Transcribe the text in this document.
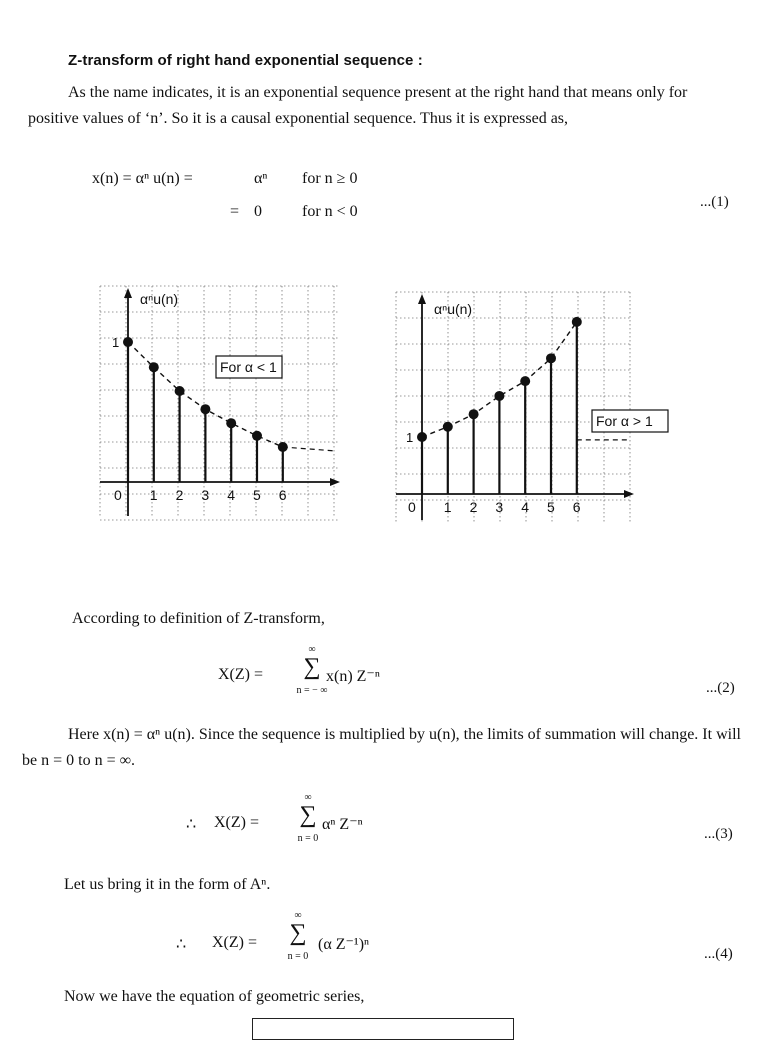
Z-transform of right hand exponential sequence :
As the name indicates, it is an exponential sequence present at the right hand that means only for positive values of ‘n’. So it is a causal exponential sequence. Thus it is expressed as,
x(n) = αⁿ u(n) =	αⁿ for n ≥ 0
= 0	for n < 0
...(1)
0 1 2 3 4 5 6
1
αⁿu(n)
For α < 1
0 1 2 3 4 5 6
1
αⁿu(n)
For α > 1
According to definition of Z-transform,
X(Z) =
∞
∑
n = − ∞
x(n) Z⁻ⁿ
...(2)
Here x(n) = αⁿ u(n). Since the sequence is multiplied by u(n), the limits of summation will change. It will be n = 0 to n = ∞.
∴ X(Z) =
∞
∑
n = 0
αⁿ Z⁻ⁿ
...(3)
Let us bring it in the form of Aⁿ.
∴ X(Z) =
∞
∑
n = 0
(α Z⁻¹)ⁿ
...(4)
Now we have the equation of geometric series,
